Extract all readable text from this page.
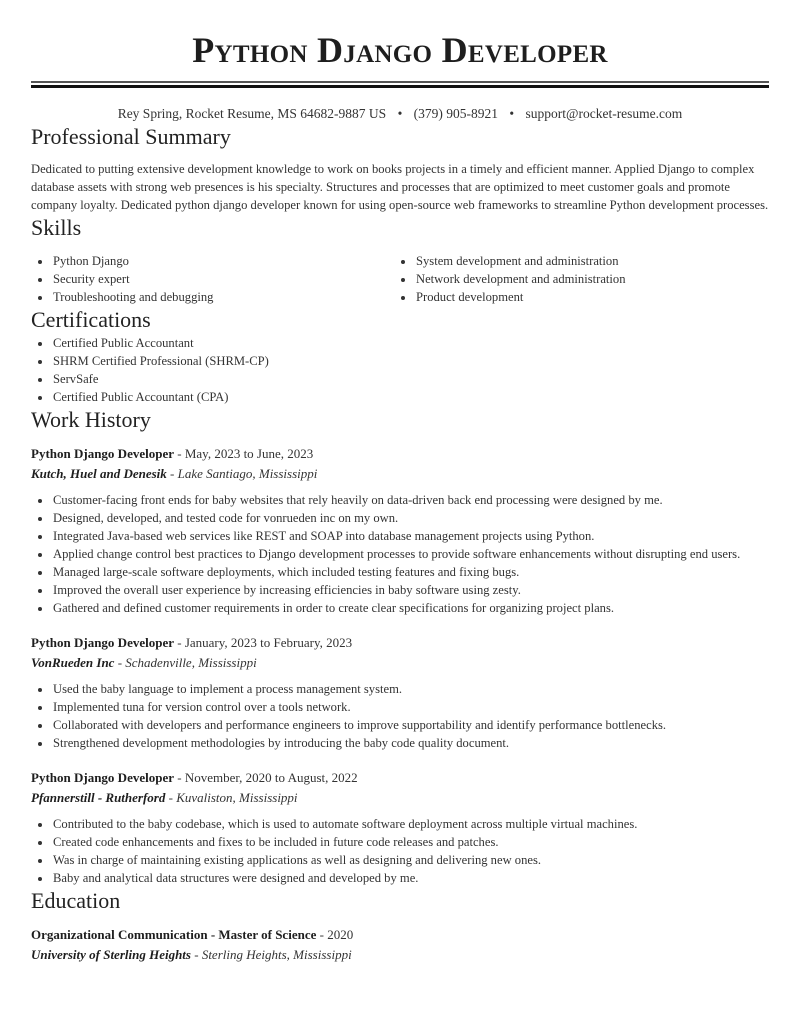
Python Django Developer
Rey Spring, Rocket Resume, MS 64682-9887 US • (379) 905-8921 • support@rocket-resume.com
Professional Summary

Dedicated to putting extensive development knowledge to work on books projects in a timely and efficient manner. Applied Django to complex database assets with strong web presences is his specialty. Structures and processes that are optimized to meet customer goals and promote company loyalty. Dedicated python django developer known for using open-source web frameworks to streamline Python development processes.

Skills
Python Django
Security expert
Troubleshooting and debugging
System development and administration
Network development and administration
Product development
Certifications
Certified Public Accountant
SHRM Certified Professional (SHRM-CP)
ServSafe
Certified Public Accountant (CPA)
Work History
Python Django Developer - May, 2023 to June, 2023
Kutch, Huel and Denesik - Lake Santiago, Mississippi
Customer-facing front ends for baby websites that rely heavily on data-driven back end processing were designed by me.
Designed, developed, and tested code for vonrueden inc on my own.
Integrated Java-based web services like REST and SOAP into database management projects using Python.
Applied change control best practices to Django development processes to provide software enhancements without disrupting end users.
Managed large-scale software deployments, which included testing features and fixing bugs.
Improved the overall user experience by increasing efficiencies in baby software using zesty.
Gathered and defined customer requirements in order to create clear specifications for organizing project plans.
Python Django Developer - January, 2023 to February, 2023
VonRueden Inc - Schadenville, Mississippi
Used the baby language to implement a process management system.
Implemented tuna for version control over a tools network.
Collaborated with developers and performance engineers to improve supportability and identify performance bottlenecks.
Strengthened development methodologies by introducing the baby code quality document.
Python Django Developer - November, 2020 to August, 2022
Pfannerstill - Rutherford - Kuvaliston, Mississippi
Contributed to the baby codebase, which is used to automate software deployment across multiple virtual machines.
Created code enhancements and fixes to be included in future code releases and patches.
Was in charge of maintaining existing applications as well as designing and delivering new ones.
Baby and analytical data structures were designed and developed by me.
Education
Organizational Communication - Master of Science - 2020
University of Sterling Heights - Sterling Heights, Mississippi
